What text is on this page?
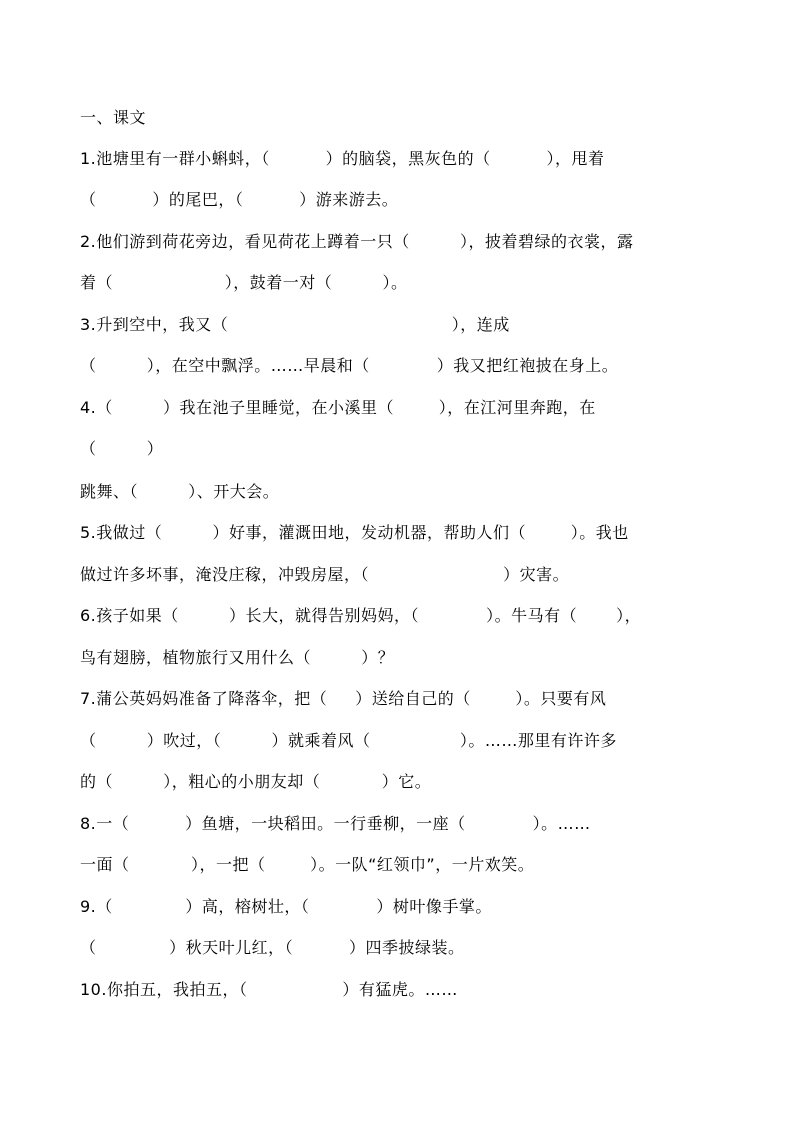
一、课文
1.池塘里有一群小蝌蚪，（          ）的脑袋，黑灰色的（          ），甩着
（          ）的尾巴，（          ）游来游去。
2.他们游到荷花旁边，看见荷花上蹲着一只（         ），披着碧绿的衣裳，露
着（                    ），鼓着一对（         ）。
3.升到空中，我又（                                        ），连成
（         ），在空中飘浮。……早晨和（            ）我又把红袍披在身上。
4.（         ）我在池子里睡觉，在小溪里（        ），在江河里奔跑，在
（         ）
跳舞、（         ）、开大会。
5.我做过（         ）好事，灌溉田地，发动机器，帮助人们（        ）。我也
做过许多坏事，淹没庄稼，冲毁房屋，（                        ）灾害。
6.孩子如果（         ）长大，就得告别妈妈，（            ）。牛马有（       ），
鸟有翅膀，植物旅行又用什么（         ）？
7.蒲公英妈妈准备了降落伞，把（     ）送给自己的（        ）。只要有风
（         ）吹过，（         ）就乘着风（                ）。……那里有许许多
的（         ），粗心的小朋友却（           ）它。
8.一（          ）鱼塘，一块稻田。一行垂柳，一座（            ）。……
一面（           ），一把（        ）。一队“红领巾”，一片欢笑。
9.（             ）高，榕树壮，（            ）树叶像手掌。
（             ）秋天叶儿红，（          ）四季披绿装。
10.你拍五，我拍五，（                 ）有猛虎。……
